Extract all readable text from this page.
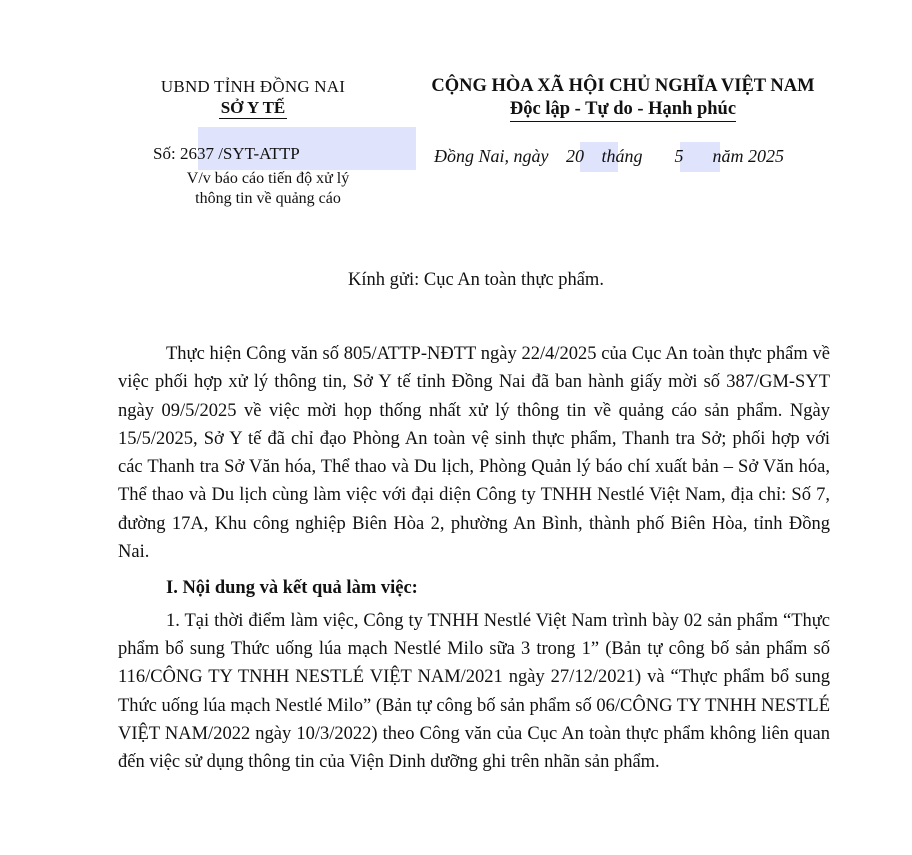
UBND TỈNH ĐỒNG NAI
SỞ Y TẾ
CỘNG HÒA XÃ HỘI CHỦ NGHĨA VIỆT NAM
Độc lập - Tự do - Hạnh phúc
Số: 2637 /SYT-ATTP
V/v báo cáo tiến độ xử lý
thông tin về quảng cáo
Đồng Nai, ngày 20 tháng 5 năm 2025
Kính gửi: Cục An toàn thực phẩm.

Thực hiện Công văn số 805/ATTP-NĐTT ngày 22/4/2025 của Cục An toàn thực phẩm về việc phối hợp xử lý thông tin, Sở Y tế tỉnh Đồng Nai đã ban hành giấy mời số 387/GM-SYT ngày 09/5/2025 về việc mời họp thống nhất xử lý thông tin về quảng cáo sản phẩm. Ngày 15/5/2025, Sở Y tế đã chỉ đạo Phòng An toàn vệ sinh thực phẩm, Thanh tra Sở; phối hợp với các Thanh tra Sở Văn hóa, Thể thao và Du lịch, Phòng Quản lý báo chí xuất bản – Sở Văn hóa, Thể thao và Du lịch cùng làm việc với đại diện Công ty TNHH Nestlé Việt Nam, địa chỉ: Số 7, đường 17A, Khu công nghiệp Biên Hòa 2, phường An Bình, thành phố Biên Hòa, tỉnh Đồng Nai.

I. Nội dung và kết quả làm việc:

1. Tại thời điểm làm việc, Công ty TNHH Nestlé Việt Nam trình bày 02 sản phẩm “Thực phẩm bổ sung Thức uống lúa mạch Nestlé Milo sữa 3 trong 1” (Bản tự công bố sản phẩm số 116/CÔNG TY TNHH NESTLÉ VIỆT NAM/2021 ngày 27/12/2021) và “Thực phẩm bổ sung Thức uống lúa mạch Nestlé Milo” (Bản tự công bố sản phẩm số 06/CÔNG TY TNHH NESTLÉ VIỆT NAM/2022 ngày 10/3/2022) theo Công văn của Cục An toàn thực phẩm không liên quan đến việc sử dụng thông tin của Viện Dinh dưỡng ghi trên nhãn sản phẩm.
